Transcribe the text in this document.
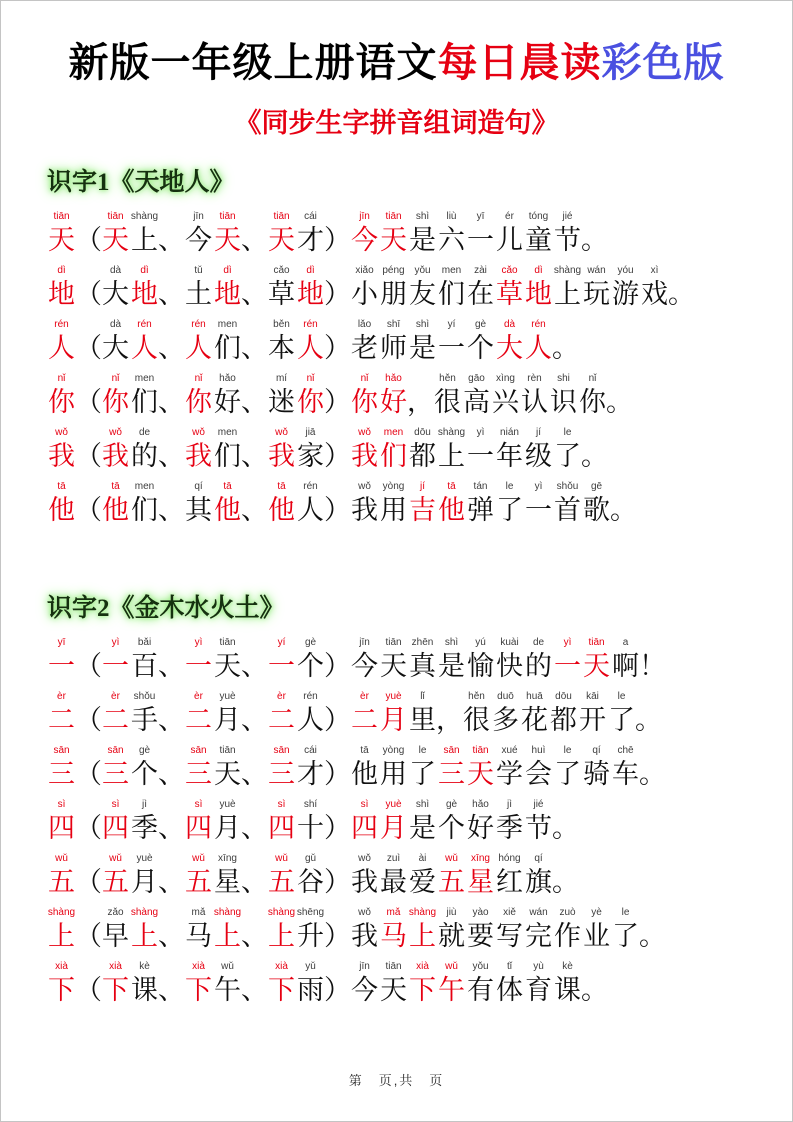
新版一年级上册语文每日晨读彩色版
《同步生字拼音组词造句》
识字1《天地人》
tiān
天 （
tiān
天
shàng
上 、
jīn
今
tiān
天 、
tiān
天
cái
才 ）
jīn
今
tiān
天
shì
是
liù
六
yī
一
ér
儿
tóng
童
jié
节 。
dì
地 （
dà
大
dì
地 、
tǔ
土
dì
地 、
cǎo
草
dì
地 ）
xiǎo
小
péng
朋
yǒu
友
men
们
zài
在
cǎo
草
dì
地
shàng
上
wán
玩
yóu
游
xì
戏 。
rén
人 （
dà
大
rén
人 、
rén
人
men
们 、
běn
本
rén
人 ）
lǎo
老
shī
师
shì
是
yí
一
gè
个
dà
大
rén
人 。
nǐ
你 （
nǐ
你
men
们 、
nǐ
你
hǎo
好 、
mí
迷
nǐ
你 ）
nǐ
你
hǎo
好 ，
hěn
很
gāo
高
xìng
兴
rèn
认
shi
识
nǐ
你 。
wǒ
我 （
wǒ
我
de
的 、
wǒ
我
men
们 、
wǒ
我
jiā
家 ）
wǒ
我
men
们
dōu
都
shàng
上
yì
一
nián
年
jí
级
le
了 。
tā
他 （
tā
他
men
们 、
qí
其
tā
他 、
tā
他
rén
人 ）
wǒ
我
yòng
用
jí
吉
tā
他
tán
弹
le
了
yì
一
shǒu
首
gē
歌 。
识字2《金木水火土》
yī
一 （
yì
一
bǎi
百 、
yì
一
tiān
天 、
yí
一
gè
个 ）
jīn
今
tiān
天
zhēn
真
shì
是
yú
愉
kuài
快
de
的
yì
一
tiān
天
a
啊 ！
èr
二 （
èr
二
shǒu
手 、
èr
二
yuè
月 、
èr
二
rén
人 ）
èr
二
yuè
月
lǐ
里 ，
hěn
很
duō
多
huā
花
dōu
都
kāi
开
le
了 。
sān
三 （
sān
三
gè
个 、
sān
三
tiān
天 、
sān
三
cái
才 ）
tā
他
yòng
用
le
了
sān
三
tiān
天
xué
学
huì
会
le
了
qí
骑
chē
车 。
sì
四 （
sì
四
jì
季 、
sì
四
yuè
月 、
sì
四
shí
十 ）
sì
四
yuè
月
shì
是
gè
个
hǎo
好
jì
季
jié
节 。
wǔ
五 （
wǔ
五
yuè
月 、
wǔ
五
xīng
星 、
wǔ
五
gǔ
谷 ）
wǒ
我
zuì
最
ài
爱
wǔ
五
xīng
星
hóng
红
qí
旗 。
shàng
上 （
zǎo
早
shàng
上 、
mǎ
马
shàng
上 、
shàng
上
shēng
升 ）
wǒ
我
mǎ
马
shàng
上
jiù
就
yào
要
xiě
写
wán
完
zuò
作
yè
业
le
了 。
xià
下 （
xià
下
kè
课 、
xià
下
wǔ
午 、
xià
下
yǔ
雨 ）
jīn
今
tiān
天
xià
下
wǔ
午
yǒu
有
tǐ
体
yù
育
kè
课 。
第　页,共　页
